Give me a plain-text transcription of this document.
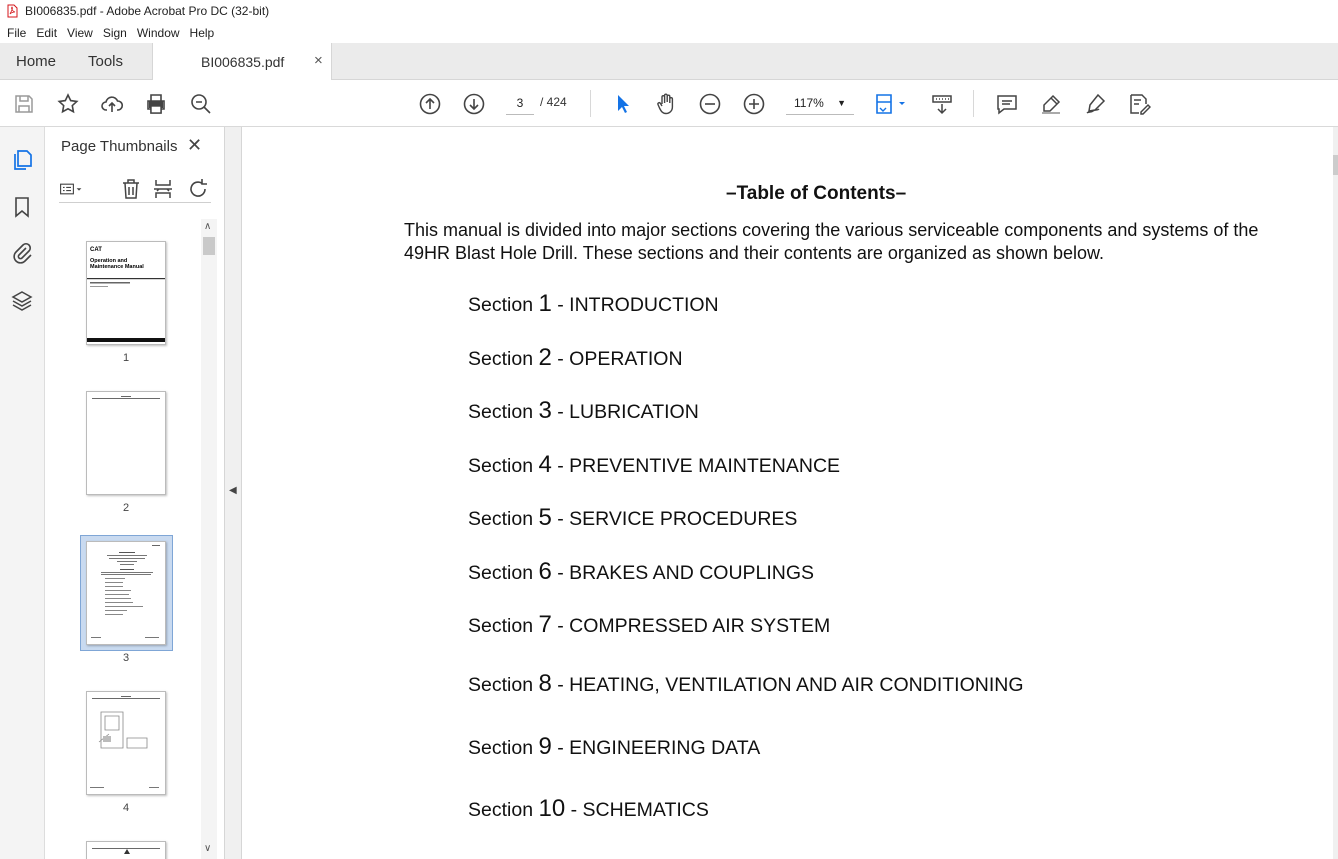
BI006835.pdf - Adobe Acrobat Pro DC (32-bit)
File Edit View Sign Window Help
Home Tools	BI006835.pdf ×
3	/ 424	117% ▼
Page Thumbnails ✕
CAT
Operation and
Maintenance Manual
1
2
3
4
∧
∨
◀
–Table of Contents–
This manual is divided into major sections covering the various serviceable components and systems of the 49HR Blast Hole Drill. These sections and their contents are organized as shown below.
Section 1 - INTRODUCTION
Section 2 - OPERATION
Section 3 - LUBRICATION
Section 4 - PREVENTIVE MAINTENANCE
Section 5 - SERVICE PROCEDURES
Section 6 - BRAKES AND COUPLINGS
Section 7 - COMPRESSED AIR SYSTEM
Section 8 - HEATING, VENTILATION AND AIR CONDITIONING
Section 9 - ENGINEERING DATA
Section 10 - SCHEMATICS
